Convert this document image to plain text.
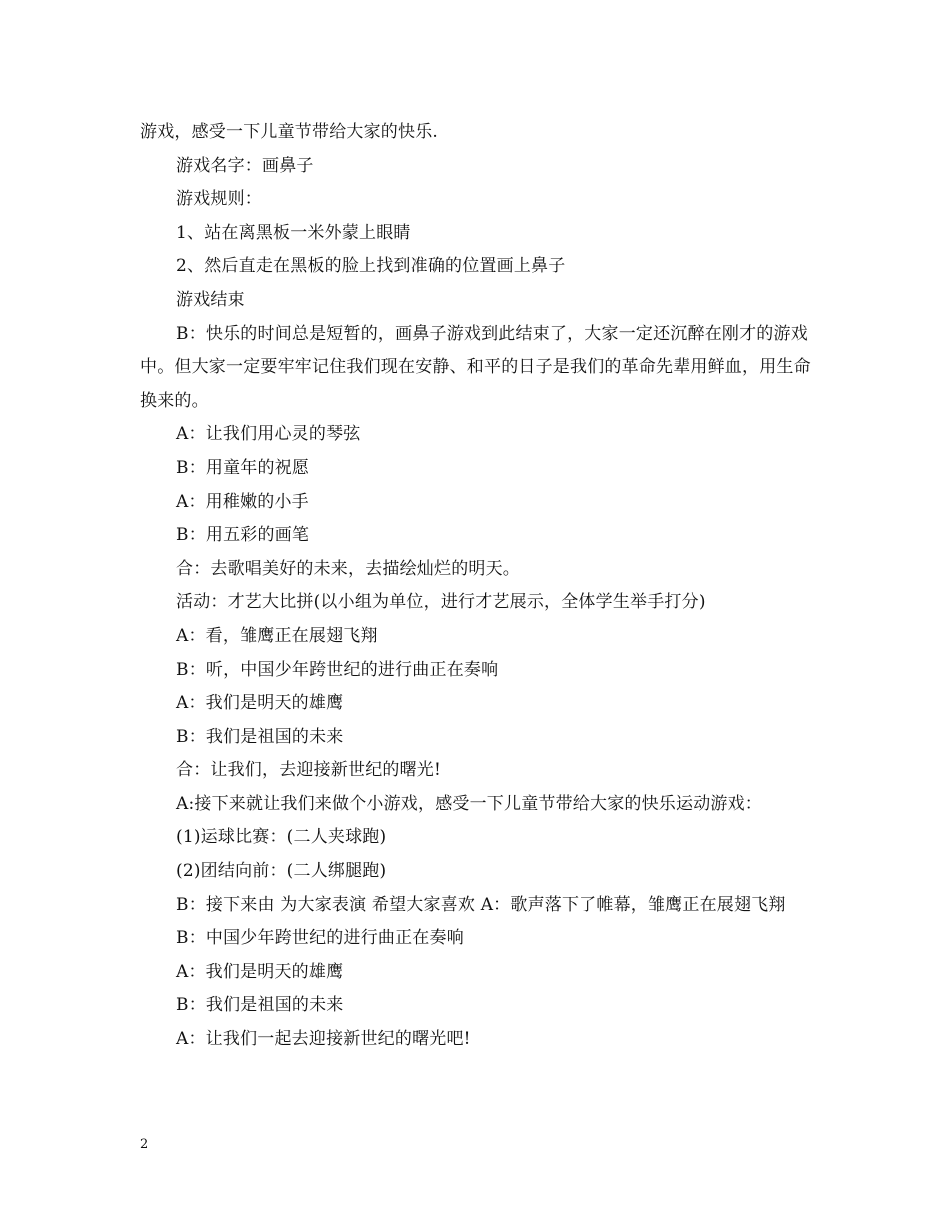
游戏，感受一下儿童节带给大家的快乐.

游戏名字：画鼻子

游戏规则：

1、站在离黑板一米外蒙上眼睛

2、然后直走在黑板的脸上找到准确的位置画上鼻子

游戏结束

B：快乐的时间总是短暂的，画鼻子游戏到此结束了，大家一定还沉醉在刚才的游戏中。但大家一定要牢牢记住我们现在安静、和平的日子是我们的革命先辈用鲜血，用生命换来的。

A：让我们用心灵的琴弦

B：用童年的祝愿

A：用稚嫩的小手

B：用五彩的画笔

合：去歌唱美好的未来，去描绘灿烂的明天。

活动：才艺大比拼(以小组为单位，进行才艺展示，全体学生举手打分)

A：看，雏鹰正在展翅飞翔

B：听，中国少年跨世纪的进行曲正在奏响

A：我们是明天的雄鹰

B：我们是祖国的未来

合：让我们，去迎接新世纪的曙光!

A:接下来就让我们来做个小游戏，感受一下儿童节带给大家的快乐运动游戏：

(1)运球比赛：(二人夹球跑)

(2)团结向前：(二人绑腿跑)

B：接下来由 为大家表演 希望大家喜欢 A：歌声落下了帷幕，雏鹰正在展翅飞翔

B：中国少年跨世纪的进行曲正在奏响

A：我们是明天的雄鹰

B：我们是祖国的未来

A：让我们一起去迎接新世纪的曙光吧!

2
